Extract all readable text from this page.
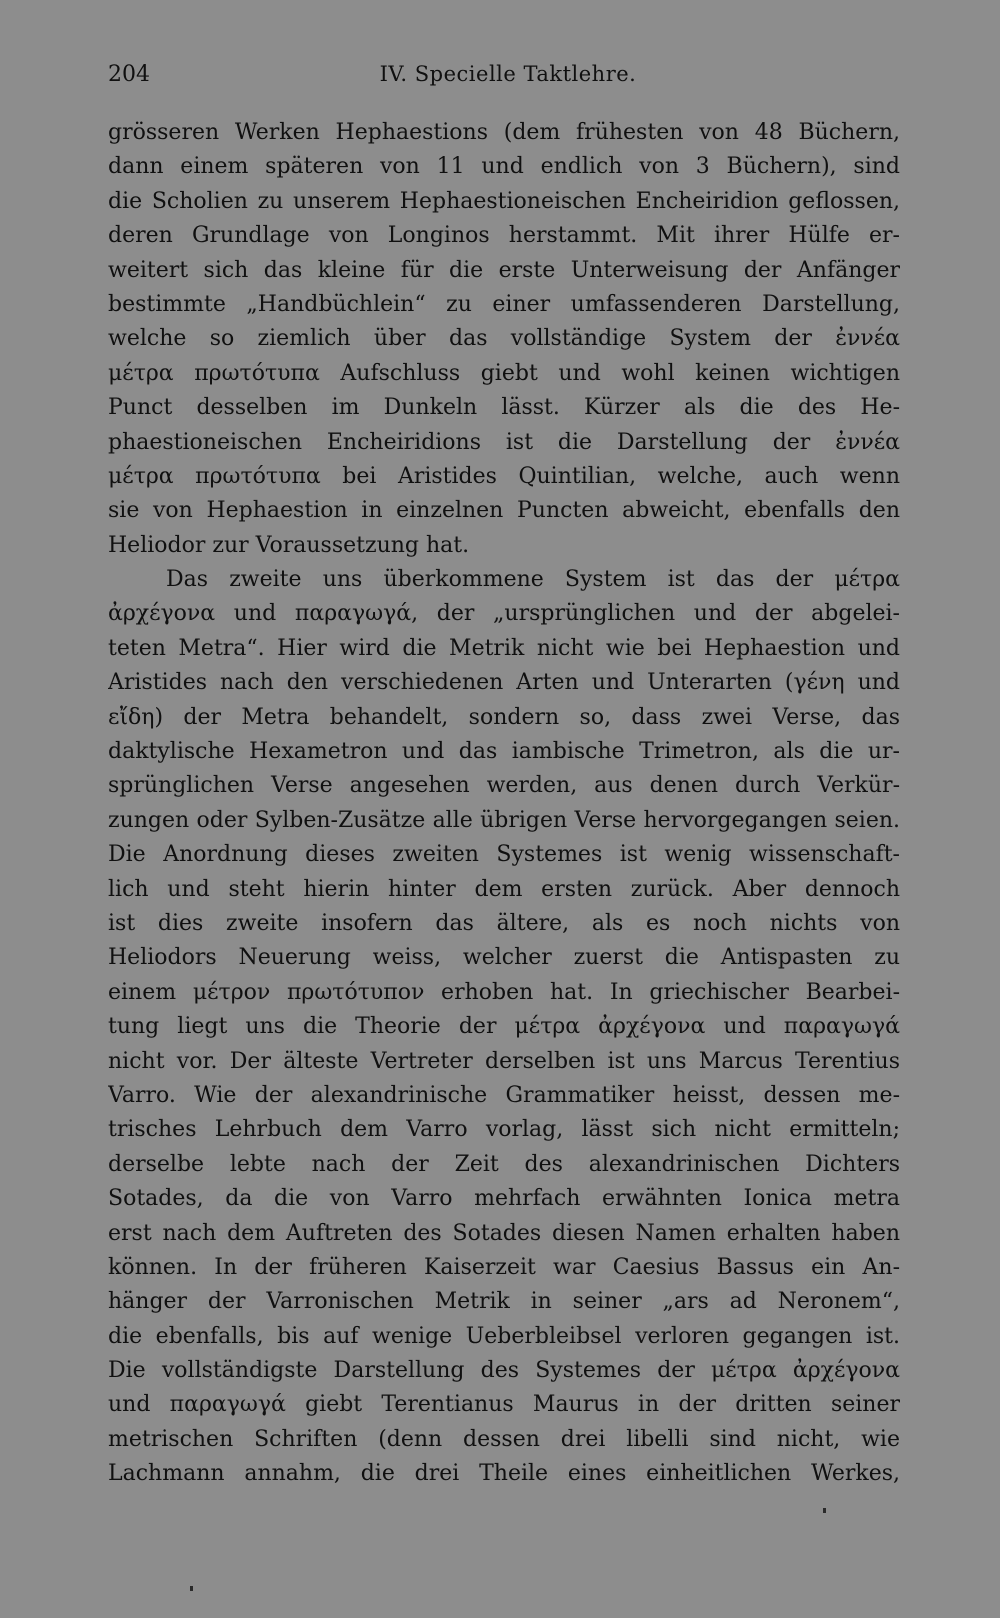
204	IV. Specielle Taktlehre.
grösseren Werken Hephaestions (dem frühesten von 48 Büchern,
dann einem späteren von 11 und endlich von 3 Büchern), sind
die Scholien zu unserem Hephaestioneischen Encheiridion geflossen,
deren Grundlage von Longinos herstammt. Mit ihrer Hülfe er-
weitert sich das kleine für die erste Unterweisung der Anfänger
bestimmte „Handbüchlein“ zu einer umfassenderen Darstellung,
welche so ziemlich über das vollständige System der ἐννέα
μέτρα πρωτότυπα Aufschluss giebt und wohl keinen wichtigen
Punct desselben im Dunkeln lässt. Kürzer als die des He-
phaestioneischen Encheiridions ist die Darstellung der ἐννέα
μέτρα πρωτότυπα bei Aristides Quintilian, welche, auch wenn
sie von Hephaestion in einzelnen Puncten abweicht, ebenfalls den
Heliodor zur Voraussetzung hat.
Das zweite uns überkommene System ist das der μέτρα
ἀρχέγονα und παραγωγά, der „ursprünglichen und der abgelei-
teten Metra“. Hier wird die Metrik nicht wie bei Hephaestion und
Aristides nach den verschiedenen Arten und Unterarten (γένη und
εἴδη) der Metra behandelt, sondern so, dass zwei Verse, das
daktylische Hexametron und das iambische Trimetron, als die ur-
sprünglichen Verse angesehen werden, aus denen durch Verkür-
zungen oder Sylben-Zusätze alle übrigen Verse hervorgegangen seien.
Die Anordnung dieses zweiten Systemes ist wenig wissenschaft-
lich und steht hierin hinter dem ersten zurück. Aber dennoch
ist dies zweite insofern das ältere, als es noch nichts von
Heliodors Neuerung weiss, welcher zuerst die Antispasten zu
einem μέτρον πρωτότυπον erhoben hat. In griechischer Bearbei-
tung liegt uns die Theorie der μέτρα ἀρχέγονα und παραγωγά
nicht vor. Der älteste Vertreter derselben ist uns Marcus Terentius
Varro. Wie der alexandrinische Grammatiker heisst, dessen me-
trisches Lehrbuch dem Varro vorlag, lässt sich nicht ermitteln;
derselbe lebte nach der Zeit des alexandrinischen Dichters
Sotades, da die von Varro mehrfach erwähnten Ionica metra
erst nach dem Auftreten des Sotades diesen Namen erhalten haben
können. In der früheren Kaiserzeit war Caesius Bassus ein An-
hänger der Varronischen Metrik in seiner „ars ad Neronem“,
die ebenfalls, bis auf wenige Ueberbleibsel verloren gegangen ist.
Die vollständigste Darstellung des Systemes der μέτρα ἀρχέγονα
und παραγωγά giebt Terentianus Maurus in der dritten seiner
metrischen Schriften (denn dessen drei libelli sind nicht, wie
Lachmann annahm, die drei Theile eines einheitlichen Werkes,
